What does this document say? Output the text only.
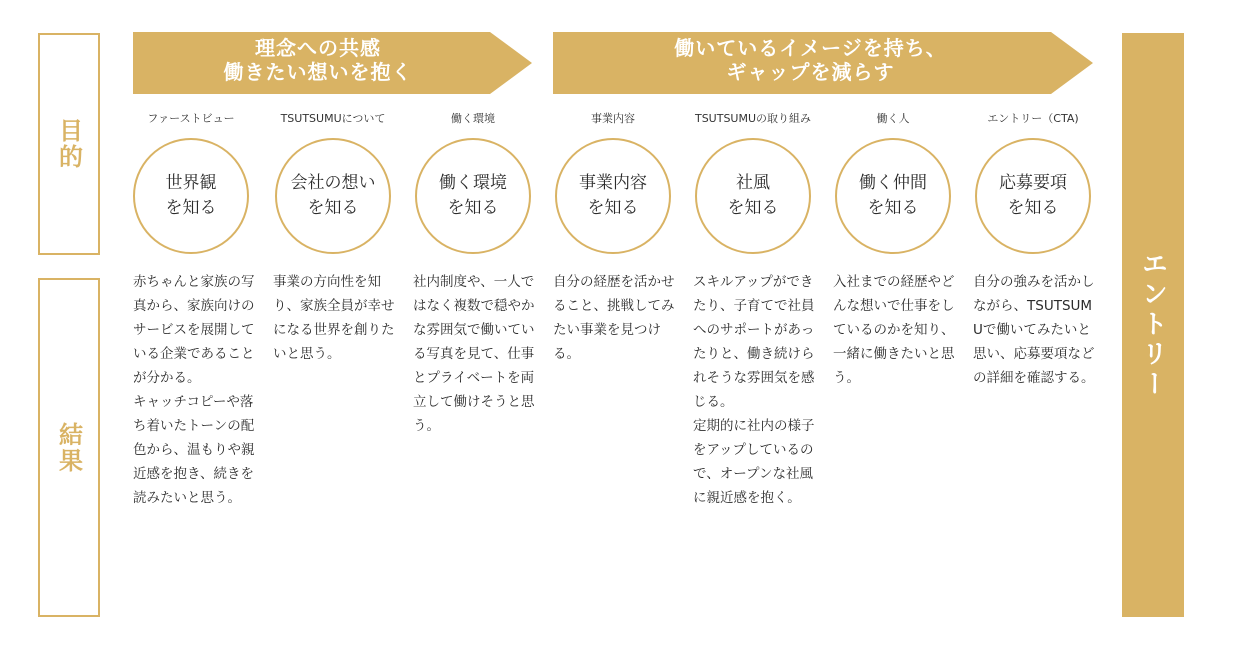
目的
結果
理念への共感
働きたい想いを抱く
働いているイメージを持ち、
ギャップを減らす
ファーストビュー
世界観
を知る
TSUTSUMUについて
会社の想い
を知る
働く環境
働く環境
を知る
事業内容
事業内容
を知る
TSUTSUMUの取り組み
社風
を知る
働く人
働く仲間
を知る
エントリー（CTA)
応募要項
を知る
赤ちゃんと家族の写真から、家族向けのサービスを展開している企業であることが分かる。
キャッチコピーや落ち着いたトーンの配色から、温もりや親近感を抱き、続きを読みたいと思う。
事業の方向性を知り、家族全員が幸せになる世界を創りたいと思う。
社内制度や、一人ではなく複数で穏やかな雰囲気で働いている写真を見て、仕事とプライベートを両立して働けそうと思う。
自分の経歴を活かせること、挑戦してみたい事業を見つける。
スキルアップができたり、子育てで社員へのサポートがあったりと、働き続けられそうな雰囲気を感じる。
定期的に社内の様子をアップしているので、オープンな社風に親近感を抱く。
入社までの経歴やどんな想いで仕事をしているのかを知り、一緒に働きたいと思う。
自分の強みを活かしながら、TSUTSUMUで働いてみたいと思い、応募要項などの詳細を確認する。 エントリー
